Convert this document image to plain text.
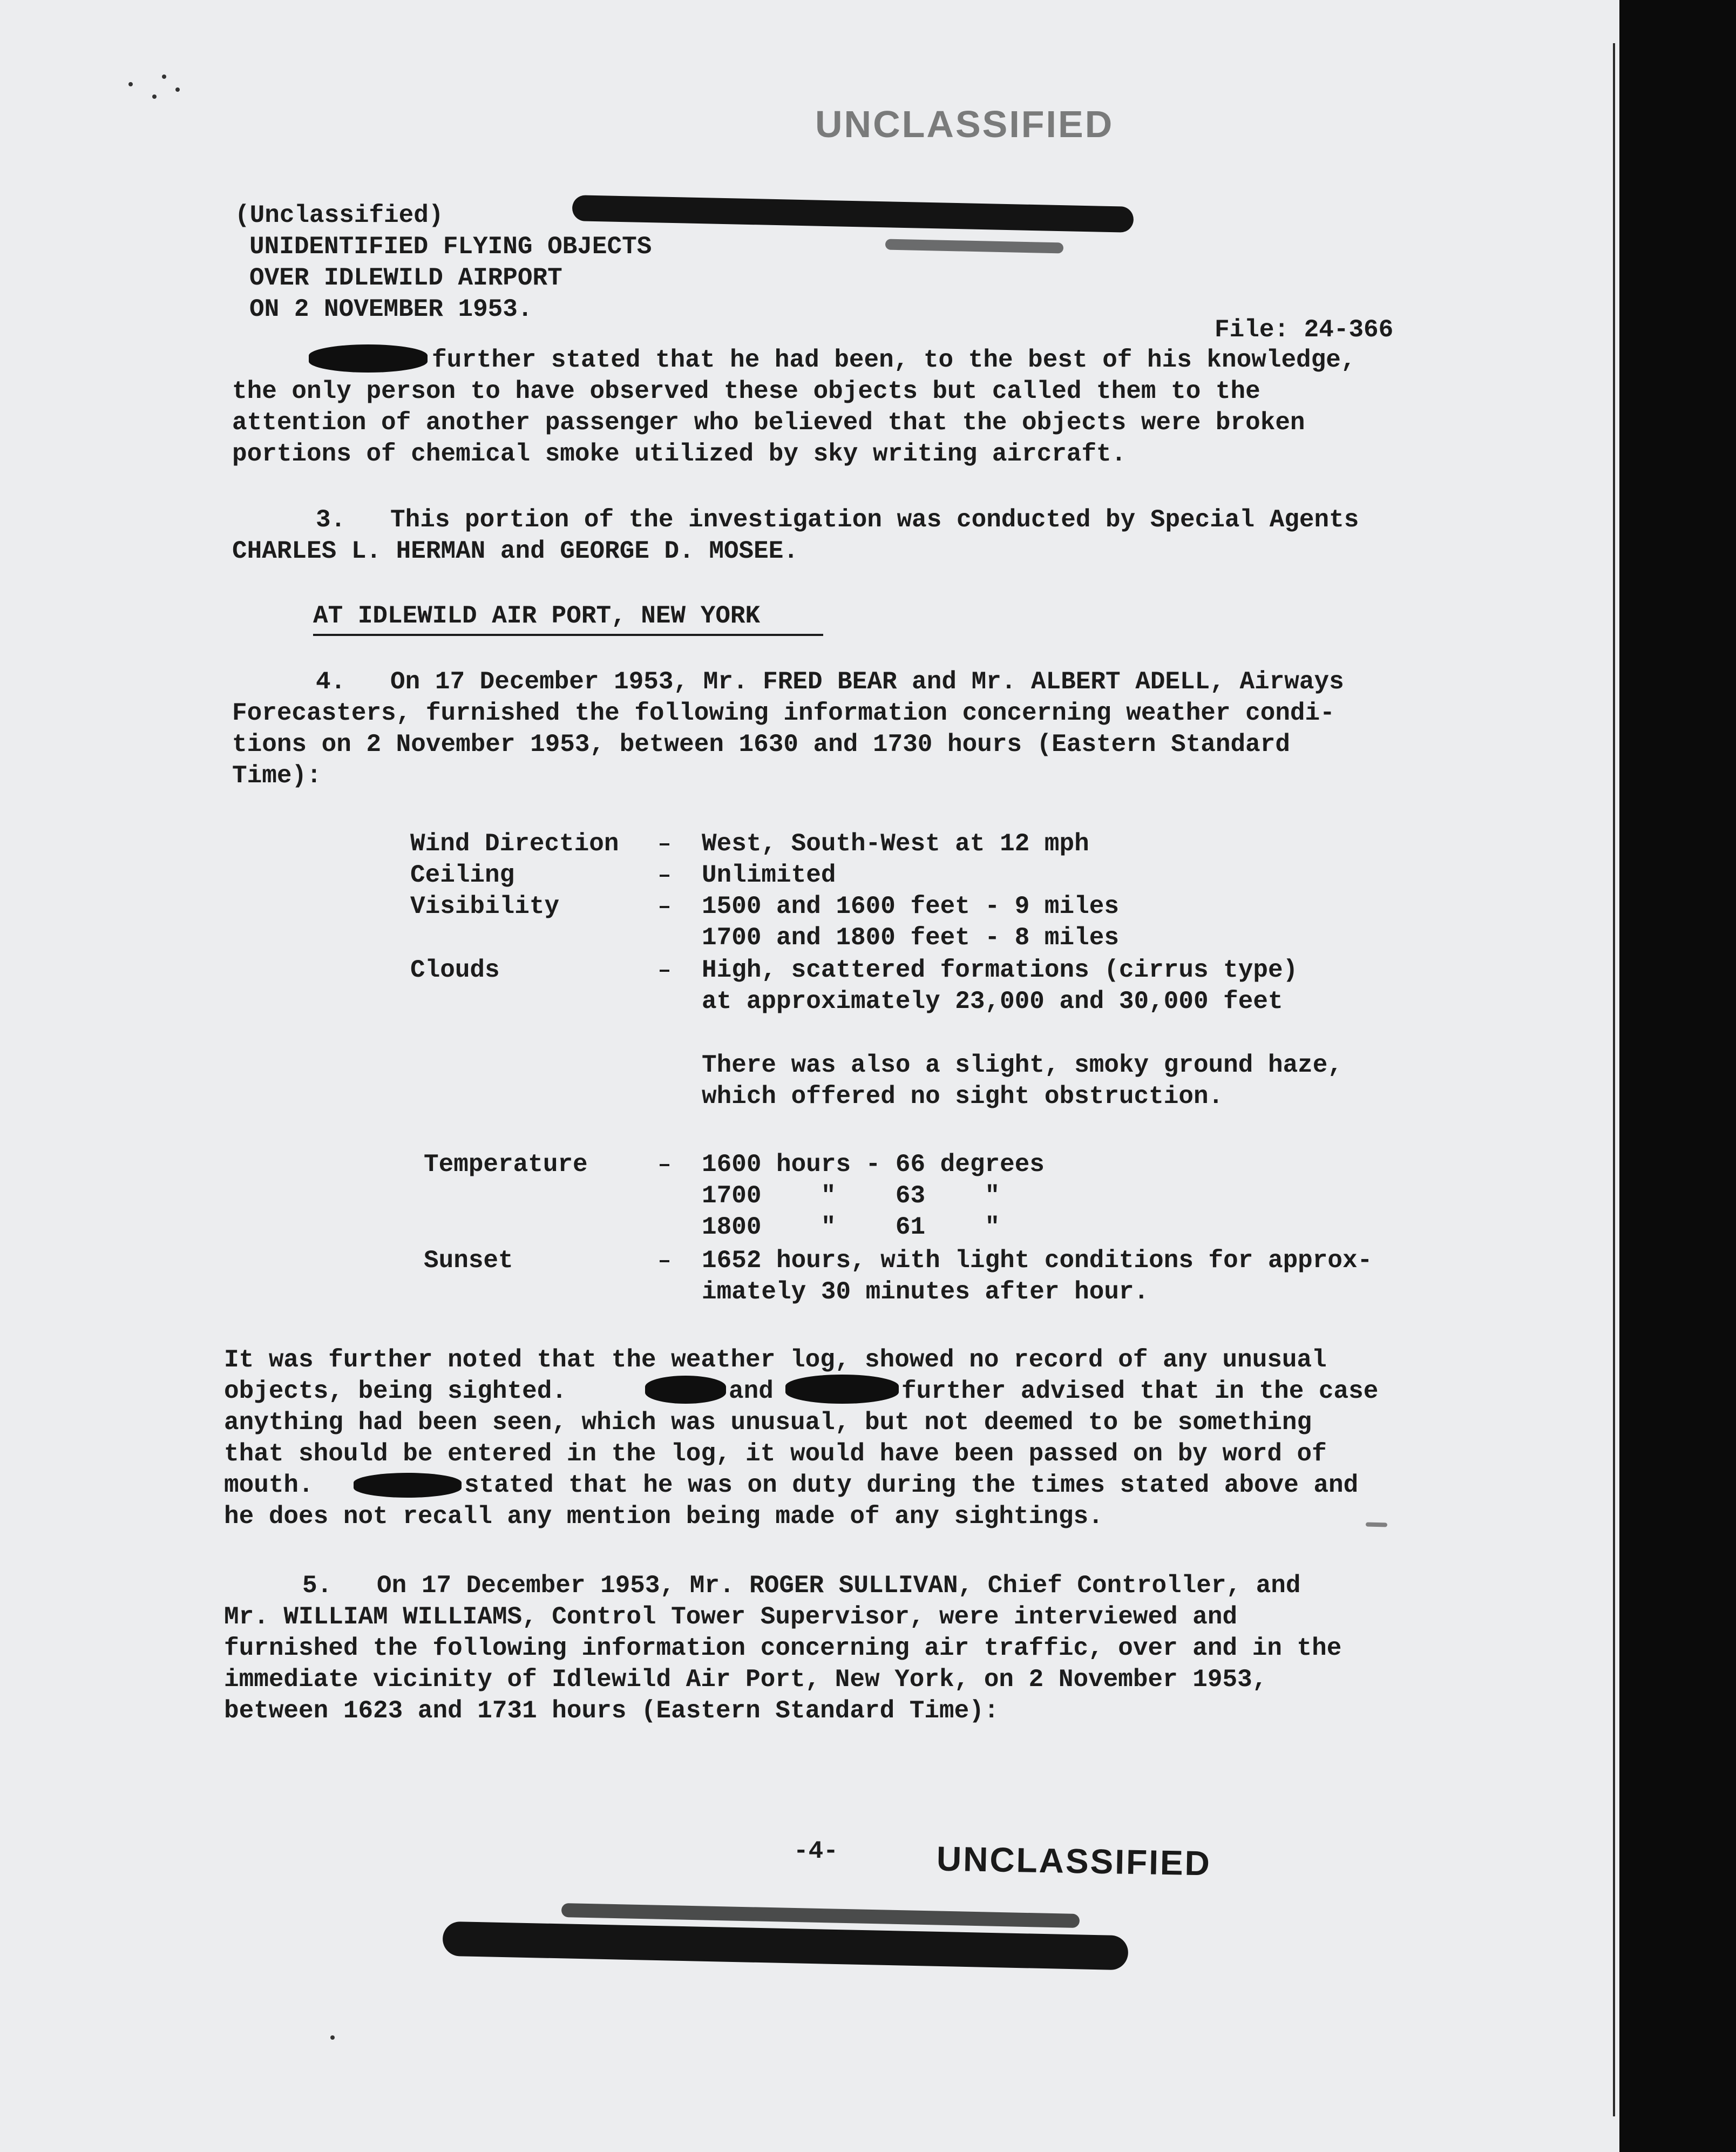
UNCLASSIFIED
(Unclassified)
UNIDENTIFIED FLYING OBJECTS
OVER IDLEWILD AIRPORT
ON 2 NOVEMBER 1953.
File: 24-366
further stated that he had been, to the best of his knowledge,
the only person to have observed these objects but called them to the
attention of another passenger who believed that the objects were broken
portions of chemical smoke utilized by sky writing aircraft.
3.   This portion of the investigation was conducted by Special Agents
CHARLES L. HERMAN and GEORGE D. MOSEE.
AT IDLEWILD AIR PORT, NEW YORK
4.   On 17 December 1953, Mr. FRED BEAR and Mr. ALBERT ADELL, Airways
Forecasters, furnished the following information concerning weather condi-
tions on 2 November 1953, between 1630 and 1730 hours (Eastern Standard
Time):
Wind Direction	West, South-West at 12 mph
Ceiling	Unlimited
Visibility	1500 and 1600 feet - 9 miles
1700 and 1800 feet - 8 miles
Clouds	High, scattered formations (cirrus type)
at approximately 23,000 and 30,000 feet
There was also a slight, smoky ground haze,
which offered no sight obstruction.
Temperature	1600 hours - 66 degrees
1700    "    63    "
1800    "    61    "
Sunset	1652 hours, with light conditions for approx-
imately 30 minutes after hour.
It was further noted that the weather log, showed no record of any unusual
objects, being sighted.	and	further advised that in the case
anything had been seen, which was unusual, but not deemed to be something
that should be entered in the log, it would have been passed on by word of
mouth.	stated that he was on duty during the times stated above and
he does not recall any mention being made of any sightings.
5.   On 17 December 1953, Mr. ROGER SULLIVAN, Chief Controller, and
Mr. WILLIAM WILLIAMS, Control Tower Supervisor, were interviewed and
furnished the following information concerning air traffic, over and in the
immediate vicinity of Idlewild Air Port, New York, on 2 November 1953,
between 1623 and 1731 hours (Eastern Standard Time):
-4-	UNCLASSIFIED
